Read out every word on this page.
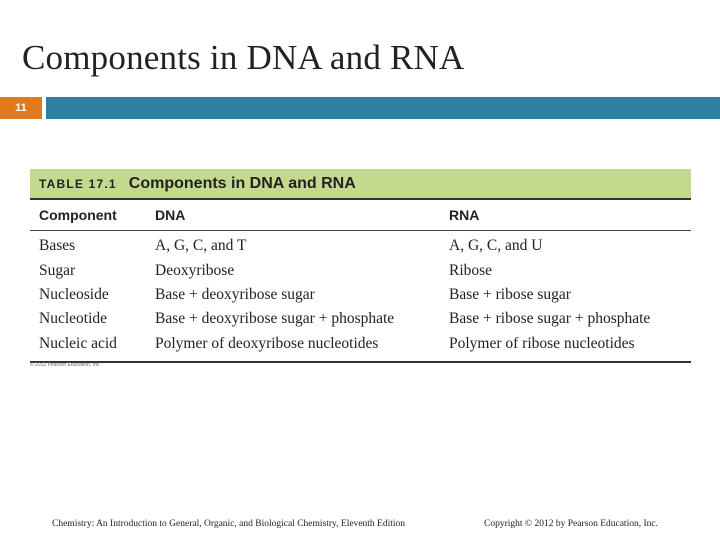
Components in DNA and RNA
11
TABLE 17.1 Components in DNA and RNA
Component	DNA	RNA
Bases	A, G, C, and T	A, G, C, and U
Sugar	Deoxyribose	Ribose
Nucleoside	Base + deoxyribose sugar	Base + ribose sugar
Nucleotide	Base + deoxyribose sugar + phosphate	Base + ribose sugar + phosphate
Nucleic acid	Polymer of deoxyribose nucleotides	Polymer of ribose nucleotides
© 2012 Pearson Education, Inc.
Chemistry: An Introduction to General, Organic, and Biological Chemistry, Eleventh Edition	Copyright © 2012 by Pearson Education, Inc.
